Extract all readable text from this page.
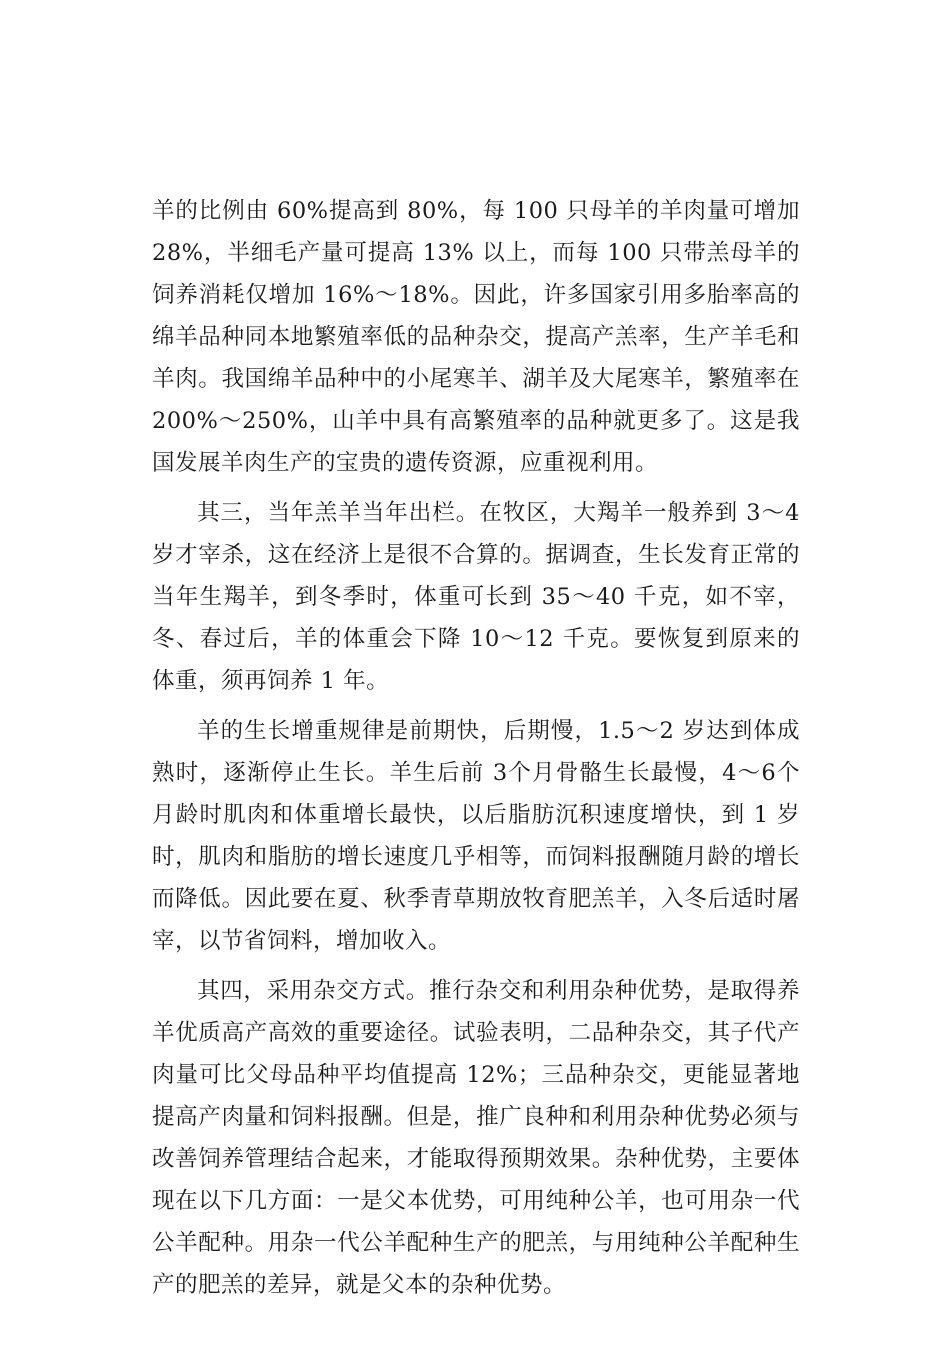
羊的比例由 60%提高到 80%，每 100 只母羊的羊肉量可增加 28%，半细毛产量可提高 13% 以上，而每 100 只带羔母羊的饲养消耗仅增加 16%～18%。因此，许多国家引用多胎率高的绵羊品种同本地繁殖率低的品种杂交，提高产羔率，生产羊毛和羊肉。我国绵羊品种中的小尾寒羊、湖羊及大尾寒羊，繁殖率在 200%～250%，山羊中具有高繁殖率的品种就更多了。这是我国发展羊肉生产的宝贵的遗传资源，应重视利用。

其三，当年羔羊当年出栏。在牧区，大羯羊一般养到 3～4 岁才宰杀，这在经济上是很不合算的。据调查，生长发育正常的当年生羯羊，到冬季时，体重可长到 35～40 千克，如不宰，冬、春过后，羊的体重会下降 10～12 千克。要恢复到原来的体重，须再饲养 1 年。

羊的生长增重规律是前期快，后期慢，1.5～2 岁达到体成熟时，逐渐停止生长。羊生后前 3个月骨骼生长最慢，4～6个月龄时肌肉和体重增长最快，以后脂肪沉积速度增快，到 1 岁时，肌肉和脂肪的增长速度几乎相等，而饲料报酬随月龄的增长而降低。因此要在夏、秋季青草期放牧育肥羔羊，入冬后适时屠宰，以节省饲料，增加收入。

其四，采用杂交方式。推行杂交和利用杂种优势，是取得养羊优质高产高效的重要途径。试验表明，二品种杂交，其子代产肉量可比父母品种平均值提高 12%；三品种杂交，更能显著地提高产肉量和饲料报酬。但是，推广良种和利用杂种优势必须与改善饲养管理结合起来，才能取得预期效果。杂种优势，主要体现在以下几方面：一是父本优势，可用纯种公羊，也可用杂一代公羊配种。用杂一代公羊配种生产的肥羔，与用纯种公羊配种生产的肥羔的差异，就是父本的杂种优势。
